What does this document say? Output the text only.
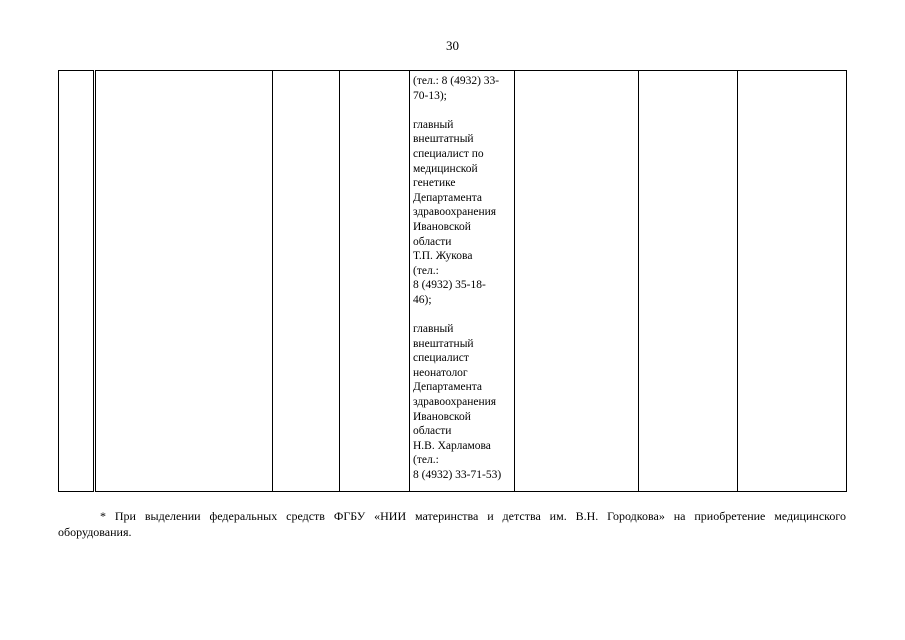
30

(тел.: 8 (4932) 33-
70-13);
главный
внештатный
специалист по
медицинской
генетике
Департамента
здравоохранения
Ивановской
области
Т.П. Жукова
(тел.:
8 (4932) 35-18-
46);
главный
внештатный
специалист
неонатолог
Департамента
здравоохранения
Ивановской
области
Н.В. Харламова
(тел.:
8 (4932) 33-71-53)

* При выделении федеральных средств ФГБУ «НИИ материнства и детства им. В.Н. Городкова» на приобретение медицинского
оборудования.
